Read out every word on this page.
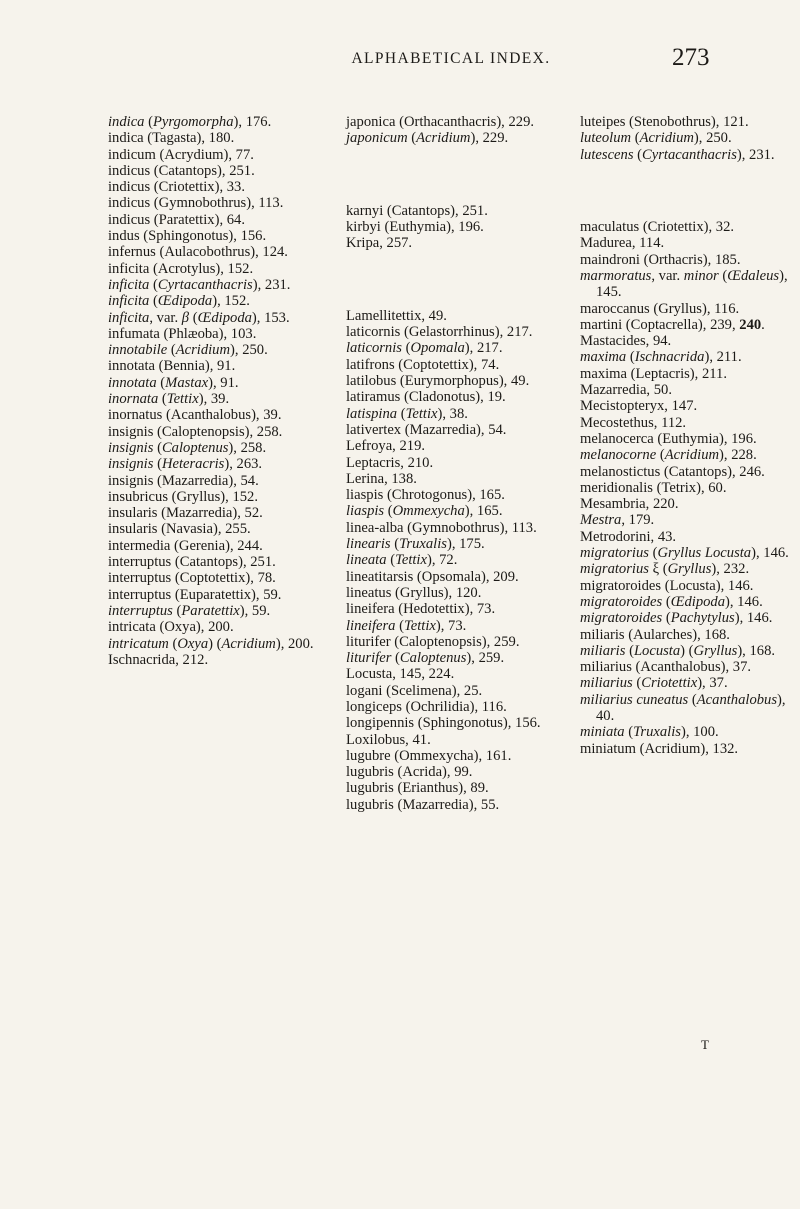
ALPHABETICAL INDEX.	273

indica (Pyrgomorpha), 176.

indica (Tagasta), 180.

indicum (Acrydium), 77.

indicus (Catantops), 251.

indicus (Criotettix), 33.

indicus (Gymnobothrus), 113.

indicus (Paratettix), 64.

indus (Sphingonotus), 156.

infernus (Aulacobothrus), 124.

inficita (Acrotylus), 152.

inficita (Cyrtacanthacris), 231.

inficita (Œdipoda), 152.

inficita, var. β (Œdipoda), 153.

infumata (Phlæoba), 103.

innotabile (Acridium), 250.

innotata (Bennia), 91.

innotata (Mastax), 91.

inornata (Tettix), 39.

inornatus (Acanthalobus), 39.

insignis (Caloptenopsis), 258.

insignis (Caloptenus), 258.

insignis (Heteracris), 263.

insignis (Mazarredia), 54.

insubricus (Gryllus), 152.

insularis (Mazarredia), 52.

insularis (Navasia), 255.

intermedia (Gerenia), 244.

interruptus (Catantops), 251.

interruptus (Coptotettix), 78.

interruptus (Euparatettix), 59.

interruptus (Paratettix), 59.

intricata (Oxya), 200.

intricatum (Oxya) (Acridium), 200.

Ischnacrida, 212.

japonica (Orthacanthacris), 229.

japonicum (Acridium), 229.

karnyi (Catantops), 251.

kirbyi (Euthymia), 196.

Kripa, 257.

Lamellitettix, 49.

laticornis (Gelastorrhinus), 217.

laticornis (Opomala), 217.

latifrons (Coptotettix), 74.

latilobus (Eurymorphopus), 49.

latiramus (Cladonotus), 19.

latispina (Tettix), 38.

lativertex (Mazarredia), 54.

Lefroya, 219.

Leptacris, 210.

Lerina, 138.

liaspis (Chrotogonus), 165.

liaspis (Ommexycha), 165.

linea-alba (Gymnobothrus), 113.

linearis (Truxalis), 175.

lineata (Tettix), 72.

lineatitarsis (Opsomala), 209.

lineatus (Gryllus), 120.

lineifera (Hedotettix), 73.

lineifera (Tettix), 73.

liturifer (Caloptenopsis), 259.

liturifer (Caloptenus), 259.

Locusta, 145, 224.

logani (Scelimena), 25.

longiceps (Ochrilidia), 116.

longipennis (Sphingonotus), 156.

Loxilobus, 41.

lugubre (Ommexycha), 161.

lugubris (Acrida), 99.

lugubris (Erianthus), 89.

lugubris (Mazarredia), 55.

luteipes (Stenobothrus), 121.

luteolum (Acridium), 250.

lutescens (Cyrtacanthacris), 231.

maculatus (Criotettix), 32.

Madurea, 114.

maindroni (Orthacris), 185.

marmoratus, var. minor (Œdaleus), 145.

maroccanus (Gryllus), 116.

martini (Coptacrella), 239, 240.

Mastacides, 94.

maxima (Ischnacrida), 211.

maxima (Leptacris), 211.

Mazarredia, 50.

Mecistopteryx, 147.

Mecostethus, 112.

melanocerca (Euthymia), 196.

melanocorne (Acridium), 228.

melanostictus (Catantops), 246.

meridionalis (Tetrix), 60.

Mesambria, 220.

Mestra, 179.

Metrodorini, 43.

migratorius (Gryllus Locusta), 146.

migratorius ξ (Gryllus), 232.

migratoroides (Locusta), 146.

migratoroides (Œdipoda), 146.

migratoroides (Pachytylus), 146.

miliaris (Aularches), 168.

miliaris (Locusta) (Gryllus), 168.

miliarius (Acanthalobus), 37.

miliarius (Criotettix), 37.

miliarius cuneatus (Acanthalobus), 40.

miniata (Truxalis), 100.

miniatum (Acridium), 132.

T
